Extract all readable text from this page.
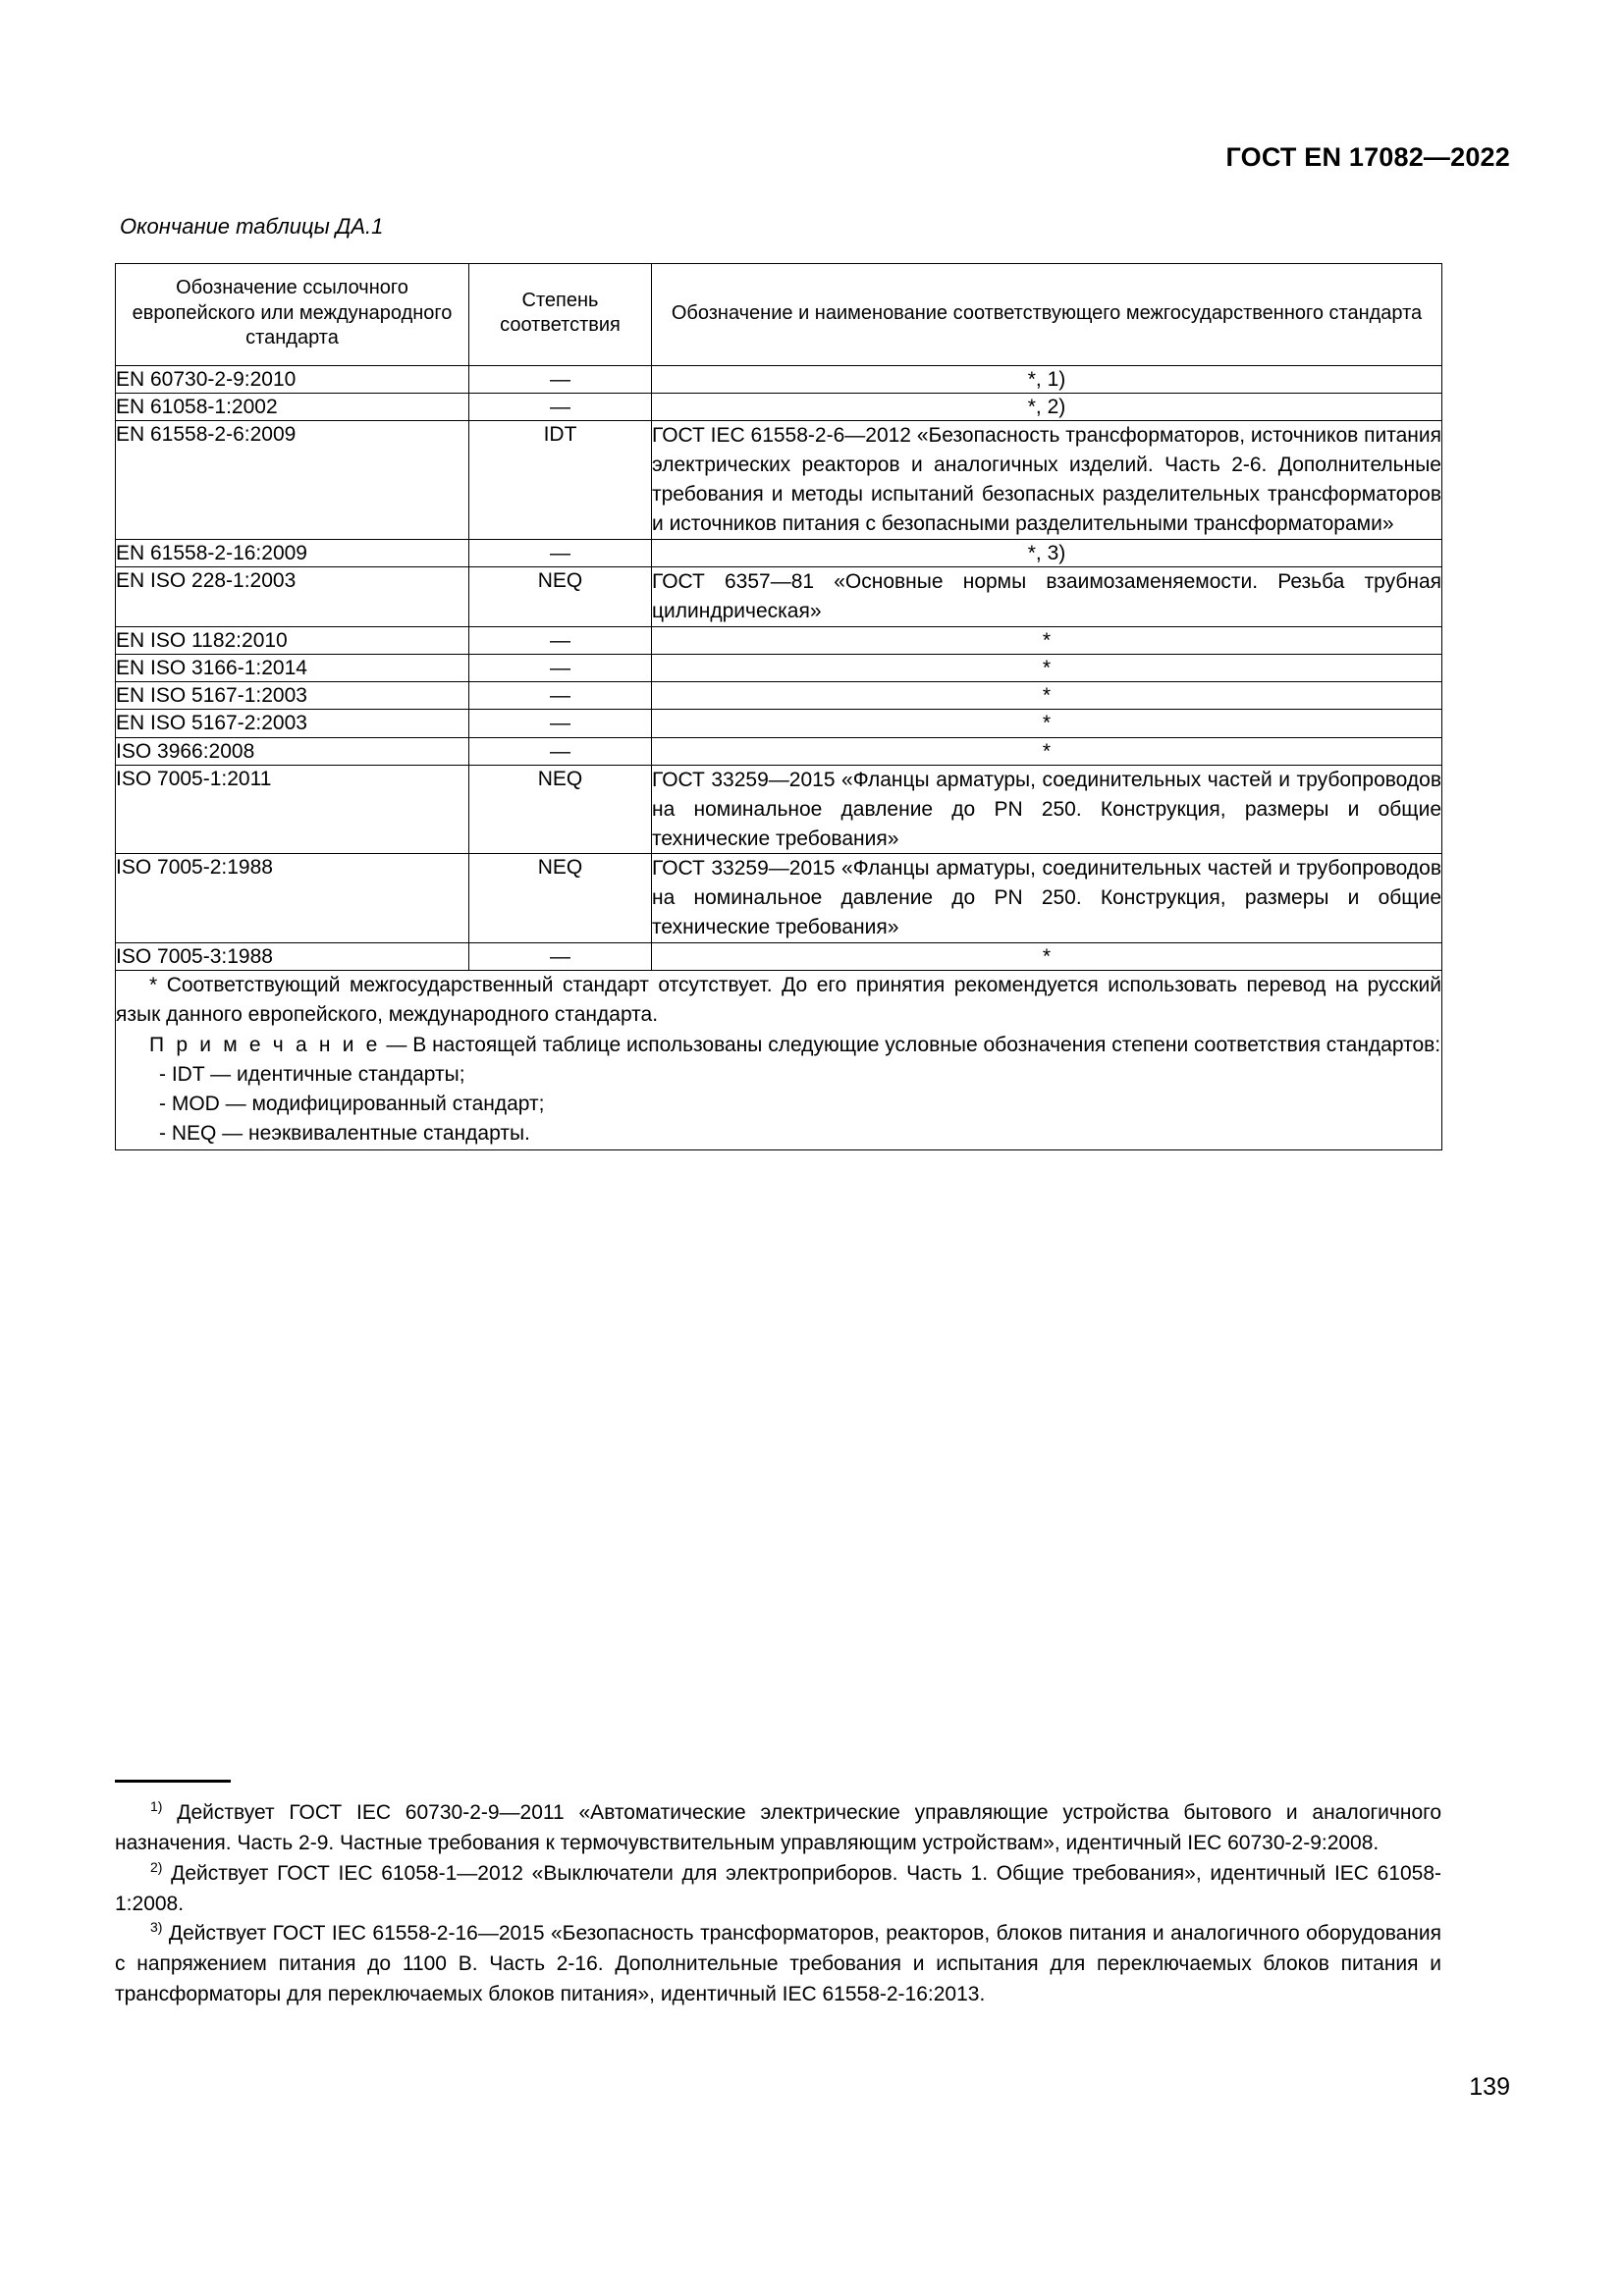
ГОСТ EN 17082—2022
Окончание таблицы ДА.1
Обозначение ссылочного европейского или международного стандарта	Степень соответствия	Обозначение и наименование соответствующего межгосударственного стандарта
EN 60730-2-9:2010	—	*, 1)
EN 61058-1:2002	—	*, 2)
EN 61558-2-6:2009	IDT	ГОСТ IEC 61558-2-6—2012 «Безопасность трансформаторов, источников питания электрических реакторов и аналогичных изделий. Часть 2-6. Дополнительные требования и методы испытаний безопасных разделительных трансформаторов и источников питания с безопасными разделительными трансформаторами»
EN 61558-2-16:2009	—	*, 3)
EN ISO 228-1:2003	NEQ	ГОСТ 6357—81 «Основные нормы взаимозаменяемости. Резьба трубная цилиндрическая»
EN ISO 1182:2010	—	*
EN ISO 3166-1:2014	—	*
EN ISO 5167-1:2003	—	*
EN ISO 5167-2:2003	—	*
ISO 3966:2008	—	*
ISO 7005-1:2011	NEQ	ГОСТ 33259—2015 «Фланцы арматуры, соединительных частей и трубопроводов на номинальное давление до PN 250. Конструкция, размеры и общие технические требования»
ISO 7005-2:1988	NEQ	ГОСТ 33259—2015 «Фланцы арматуры, соединительных частей и трубопроводов на номинальное давление до PN 250. Конструкция, размеры и общие технические требования»
ISO 7005-3:1988	—	*

* Соответствующий межгосударственный стандарт отсутствует. До его принятия рекомендуется использовать перевод на русский язык данного европейского, международного стандарта.

П р и м е ч а н и е — В настоящей таблице использованы следующие условные обозначения степени соответствия стандартов:

- IDT — идентичные стандарты;

- MOD — модифицированный стандарт;

- NEQ — неэквивалентные стандарты.		

$^{1)}$ Действует ГОСТ IEC 60730-2-9—2011 «Автоматические электрические управляющие устройства бытового и аналогичного назначения. Часть 2-9. Частные требования к термочувствительным управляющим устройствам», идентичный IEC 60730-2-9:2008.

$^{2)}$ Действует ГОСТ IEC 61058-1—2012 «Выключатели для электроприборов. Часть 1. Общие требования», идентичный IEC 61058-1:2008.

$^{3)}$ Действует ГОСТ IEC 61558-2-16—2015 «Безопасность трансформаторов, реакторов, блоков питания и аналогичного оборудования с напряжением питания до 1100 В. Часть 2-16. Дополнительные требования и испытания для переключаемых блоков питания и трансформаторы для переключаемых блоков питания», идентичный IEC 61558-2-16:2013.

139
